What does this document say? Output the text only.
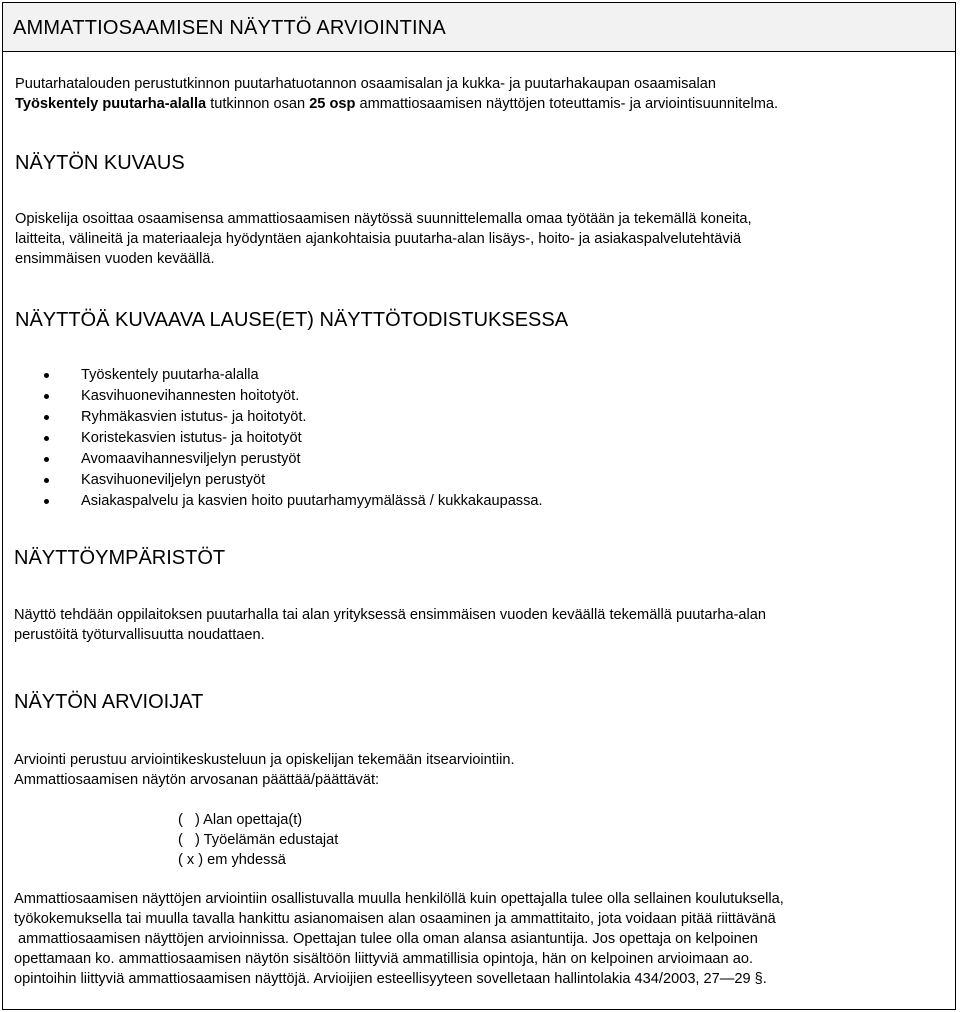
AMMATTIOSAAMISEN NÄYTTÖ ARVIOINTINA
Puutarhatalouden perustutkinnon puutarhatuotannon osaamisalan ja kukka- ja puutarhakaupan osaamisalan
Työskentely puutarha-alalla tutkinnon osan 25 osp ammattiosaamisen näyttöjen toteuttamis- ja arviointisuunnitelma.
NÄYTÖN KUVAUS
Opiskelija osoittaa osaamisensa ammattiosaamisen näytössä suunnittelemalla omaa työtään ja tekemällä koneita,
laitteita, välineitä ja materiaaleja hyödyntäen ajankohtaisia puutarha-alan lisäys-, hoito- ja asiakaspalvelutehtäviä
ensimmäisen vuoden keväällä.
NÄYTTÖÄ KUVAAVA LAUSE(ET) NÄYTTÖTODISTUKSESSA
Työskentely puutarha-alalla
Kasvihuonevihannesten hoitotyöt.
Ryhmäkasvien istutus- ja hoitotyöt.
Koristekasvien istutus- ja hoitotyöt
Avomaavihannesviljelyn perustyöt
Kasvihuoneviljelyn perustyöt
Asiakaspalvelu ja kasvien hoito puutarhamyymälässä / kukkakaupassa.
NÄYTTÖYMPÄRISTÖT
Näyttö tehdään oppilaitoksen puutarhalla tai alan yrityksessä ensimmäisen vuoden keväällä tekemällä puutarha-alan
perustöitä työturvallisuutta noudattaen.
NÄYTÖN ARVIOIJAT
Arviointi perustuu arviointikeskusteluun ja opiskelijan tekemään itsearviointiin.
Ammattiosaamisen näytön arvosanan päättää/päättävät:
(   ) Alan opettaja(t)
(   ) Työelämän edustajat
( x ) em yhdessä
Ammattiosaamisen näyttöjen arviointiin osallistuvalla muulla henkilöllä kuin opettajalla tulee olla sellainen koulutuksella,
työkokemuksella tai muulla tavalla hankittu asianomaisen alan osaaminen ja ammattitaito, jota voidaan pitää riittävänä
ammattiosaamisen näyttöjen arvioinnissa. Opettajan tulee olla oman alansa asiantuntija. Jos opettaja on kelpoinen
opettamaan ko. ammattiosaamisen näytön sisältöön liittyviä ammatillisia opintoja, hän on kelpoinen arvioimaan ao.
opintoihin liittyviä ammattiosaamisen näyttöjä. Arvioijien esteellisyyteen sovelletaan hallintolakia 434/2003, 27—29 §.
